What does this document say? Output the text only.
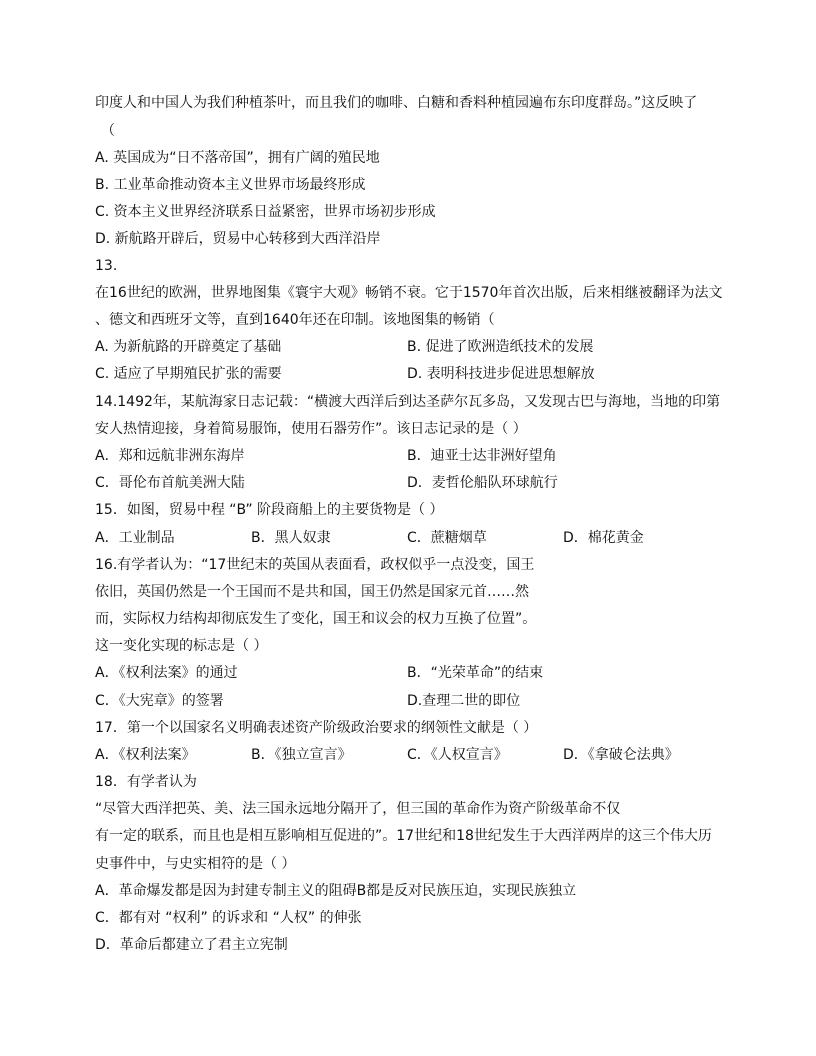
印度人和中国人为我们种植茶叶，而且我们的咖啡、白糖和香料种植园遍布东印度群岛。”这反映了
（
A. 英国成为“日不落帝国”，拥有广阔的殖民地
B. 工业革命推动资本主义世界市场最终形成
C. 资本主义世界经济联系日益紧密，世界市场初步形成
D. 新航路开辟后，贸易中心转移到大西洋沿岸
13.
在16世纪的欧洲，世界地图集《寰宇大观》畅销不衰。它于1570年首次出版，后来相继被翻译为法文
、德文和西班牙文等，直到1640年还在印制。该地图集的畅销（
A. 为新航路的开辟奠定了基础	B. 促进了欧洲造纸技术的发展
C. 适应了早期殖民扩张的需要	D. 表明科技进步促进思想解放
14.1492年，某航海家日志记载：“横渡大西洋后到达圣萨尔瓦多岛，又发现古巴与海地，当地的印第
安人热情迎接，身着简易服饰，使用石器劳作”。该日志记录的是（ ）
A．郑和远航非洲东海岸	B．迪亚士达非洲好望角
C．哥伦布首航美洲大陆	D．麦哲伦船队环球航行
15．如图，贸易中程 “B” 阶段商船上的主要货物是（ ）
A．工业制品	B．黑人奴隶	C．蔗糖烟草	D．棉花黄金
16.有学者认为：“17世纪末的英国从表面看，政权似乎一点没变，国王
依旧，英国仍然是一个王国而不是共和国，国王仍然是国家元首……然
而，实际权力结构却彻底发生了变化，国王和议会的权力互换了位置”。
这一变化实现的标志是（ ）
A．《权利法案》的通过	B．“光荣革命”的结束
C．《大宪章》的签署	D.查理二世的即位
17．第一个以国家名义明确表述资产阶级政治要求的纲领性文献是（ ）
A．《权利法案》	B．《独立宣言》	C．《人权宣言》	D．《拿破仑法典》
18．有学者认为
“尽管大西洋把英、美、法三国永远地分隔开了，但三国的革命作为资产阶级革命不仅
有一定的联系，而且也是相互影响相互促进的”。17世纪和18世纪发生于大西洋两岸的这三个伟大历
史事件中，与史实相符的是（ ）
A．革命爆发都是因为封建专制主义的阻碍B都是反对民族压迫，实现民族独立
C．都有对 “权利” 的诉求和 “人权” 的伸张
D．革命后都建立了君主立宪制
